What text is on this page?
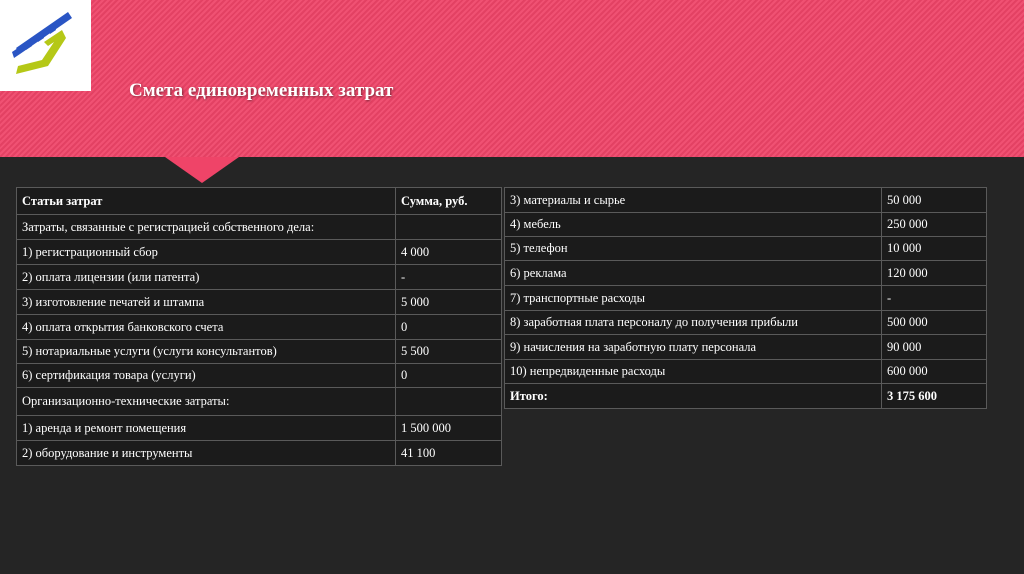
Смета единовременных затрат
Статьи затрат	Сумма, руб.
Затраты, связанные с регистрацией собственного дела:	
1) регистрационный сбор	4 000
2) оплата лицензии (или патента)	-
3) изготовление печатей и штампа	5 000
4) оплата открытия банковского счета	0
5) нотариальные услуги (услуги консультантов)	5 500
6) сертификация товара (услуги)	0
Организационно-технические затраты:	
1) аренда и ремонт помещения	1 500 000
2) оборудование и инструменты	41 100
3) материалы и сырье	50 000
4) мебель	250 000
5) телефон	10 000
6) реклама	120 000
7) транспортные расходы	-
8) заработная плата персоналу до получения прибыли	500 000
9) начисления на заработную плату персонала	90 000
10) непредвиденные расходы	600 000
Итого:	3 175 600
